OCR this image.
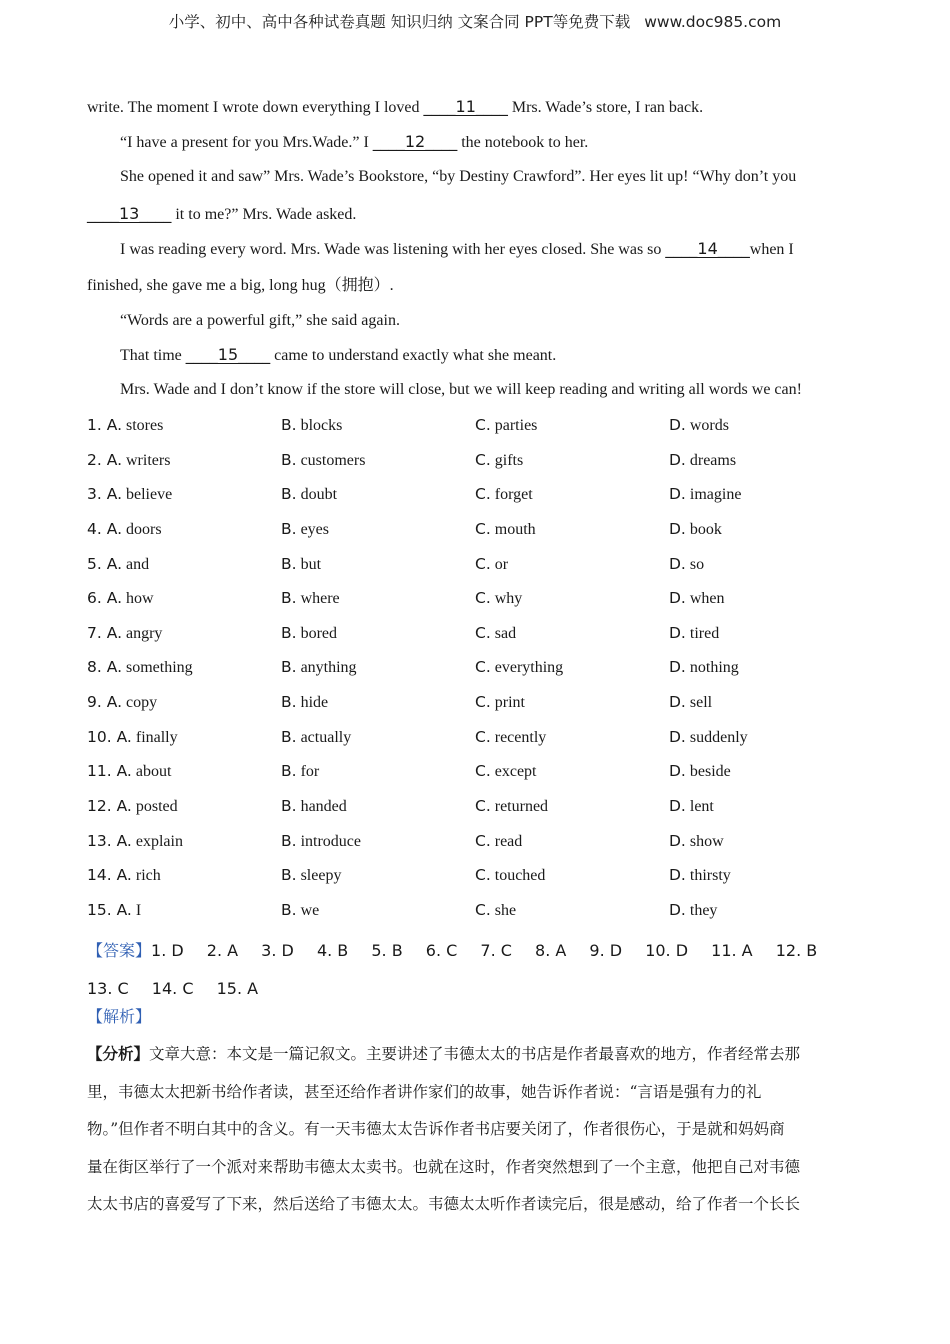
小学、初中、高中各种试卷真题 知识归纳 文案合同 PPT等免费下载 www.doc985.com

write. The moment I wrote down everything I loved ____11____ Mrs. Wade’s store, I ran back.

“I have a present for you Mrs.Wade.” I ____12____ the notebook to her.

She opened it and saw” Mrs. Wade’s Bookstore, “by Destiny Crawford”. Her eyes lit up! “Why don’t you

____13____ it to me?” Mrs. Wade asked.

I was reading every word. Mrs. Wade was listening with her eyes closed. She was so ____14____when I

finished, she gave me a big, long hug（拥抱）.

“Words are a powerful gift,” she said again.

That time ____15____ came to understand exactly what she meant.

Mrs. Wade and I don’t know if the store will close, but we will keep reading and writing all words we can!

1. A. stores	B. blocks	C. parties	D. words
2. A. writers	B. customers	C. gifts	D. dreams
3. A. believe	B. doubt	C. forget	D. imagine
4. A. doors	B. eyes	C. mouth	D. book
5. A. and	B. but	C. or	D. so
6. A. how	B. where	C. why	D. when
7. A. angry	B. bored	C. sad	D. tired
8. A. something	B. anything	C. everything	D. nothing
9. A. copy	B. hide	C. print	D. sell
10. A. finally	B. actually	C. recently	D. suddenly
11. A. about	B. for	C. except	D. beside
12. A. posted	B. handed	C. returned	D. lent
13. A. explain	B. introduce	C. read	D. show
14. A. rich	B. sleepy	C. touched	D. thirsty
15. A. I	B. we	C. she	D. they
【答案】1. D 2. A 3. D 4. B 5. B 6. C 7. C 8. A 9. D 10. D 11. A 12. B 13. C 14. C 15. A
【解析】
【分析】文章大意：本文是一篇记叙文。主要讲述了韦德太太的书店是作者最喜欢的地方，作者经常去那
里，韦德太太把新书给作者读，甚至还给作者讲作家们的故事，她告诉作者说：“言语是强有力的礼
物。”但作者不明白其中的含义。有一天韦德太太告诉作者书店要关闭了，作者很伤心，于是就和妈妈商
量在街区举行了一个派对来帮助韦德太太卖书。也就在这时，作者突然想到了一个主意，他把自己对韦德
太太书店的喜爱写了下来，然后送给了韦德太太。韦德太太听作者读完后，很是感动，给了作者一个长长
